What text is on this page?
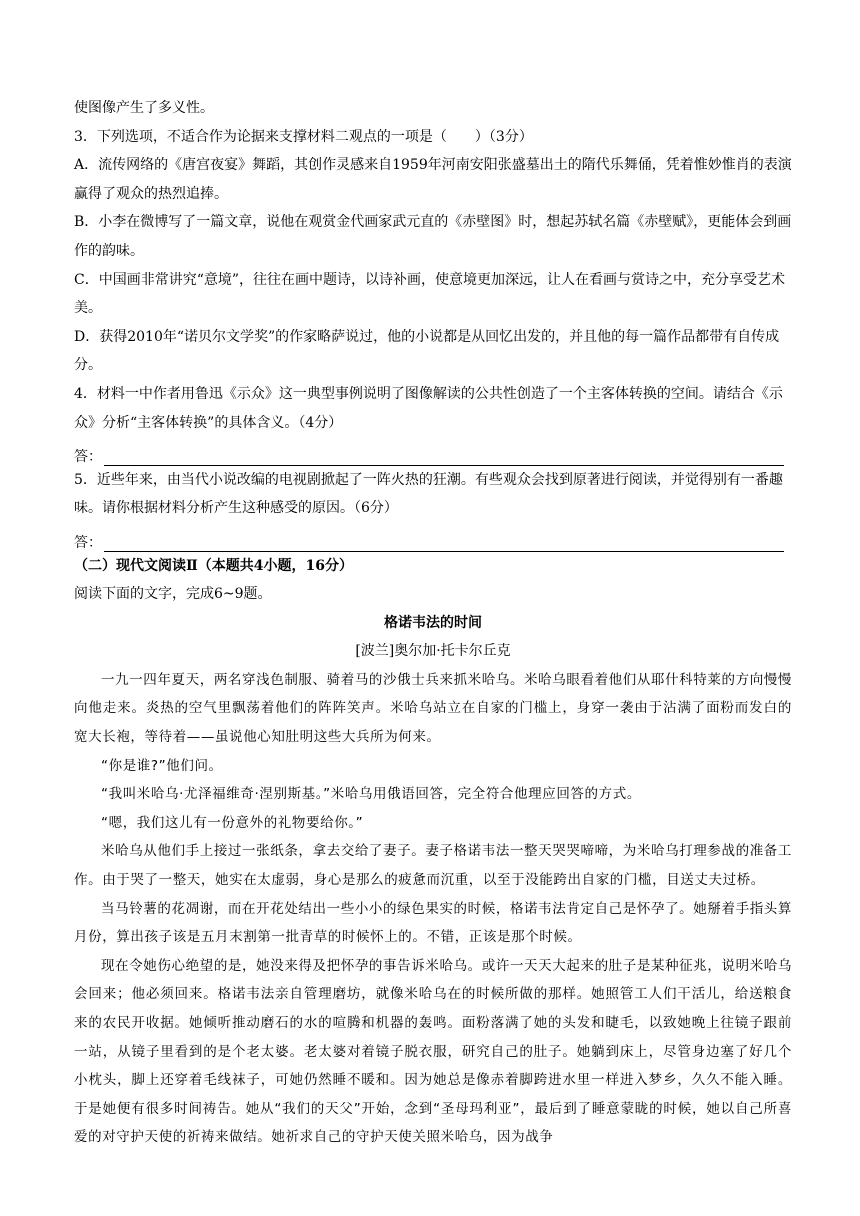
使图像产生了多义性。

3．下列选项，不适合作为论据来支撑材料二观点的一项是（　　）（3分）

A．流传网络的《唐宫夜宴》舞蹈，其创作灵感来自1959年河南安阳张盛墓出土的隋代乐舞俑，凭着惟妙惟肖的表演赢得了观众的热烈追捧。

B．小李在微博写了一篇文章，说他在观赏金代画家武元直的《赤壁图》时，想起苏轼名篇《赤壁赋》，更能体会到画作的韵味。

C．中国画非常讲究“意境”，往往在画中题诗，以诗补画，使意境更加深远，让人在看画与赏诗之中，充分享受艺术美。

D．获得2010年“诺贝尔文学奖”的作家略萨说过，他的小说都是从回忆出发的，并且他的每一篇作品都带有自传成分。

4．材料一中作者用鲁迅《示众》这一典型事例说明了图像解读的公共性创造了一个主客体转换的空间。请结合《示众》分析“主客体转换”的具体含义。（4分）

答：

5．近些年来，由当代小说改编的电视剧掀起了一阵火热的狂潮。有些观众会找到原著进行阅读，并觉得别有一番趣味。请你根据材料分析产生这种感受的原因。（6分）

答：

（二）现代文阅读Ⅱ（本题共4小题，16分）

阅读下面的文字，完成6~9题。

格诺韦法的时间

[波兰]奥尔加·托卡尔丘克

一九一四年夏天，两名穿浅色制服、骑着马的沙俄士兵来抓米哈乌。米哈乌眼看着他们从耶什科特莱的方向慢慢向他走来。炎热的空气里飘荡着他们的阵阵笑声。米哈乌站立在自家的门槛上，身穿一袭由于沾满了面粉而发白的宽大长袍，等待着——虽说他心知肚明这些大兵所为何来。

“你是谁?”他们问。

“我叫米哈乌·尤泽福维奇·涅别斯基。”米哈乌用俄语回答，完全符合他理应回答的方式。

“嗯，我们这儿有一份意外的礼物要给你。”

米哈乌从他们手上接过一张纸条，拿去交给了妻子。妻子格诺韦法一整天哭哭啼啼，为米哈乌打理参战的准备工作。由于哭了一整天，她实在太虚弱，身心是那么的疲惫而沉重，以至于没能跨出自家的门槛，目送丈夫过桥。

当马铃薯的花凋谢，而在开花处结出一些小小的绿色果实的时候，格诺韦法肯定自己是怀孕了。她掰着手指头算月份，算出孩子该是五月末割第一批青草的时候怀上的。不错，正该是那个时候。

现在令她伤心绝望的是，她没来得及把怀孕的事告诉米哈乌。或许一天天大起来的肚子是某种征兆，说明米哈乌会回来；他必须回来。格诺韦法亲自管理磨坊，就像米哈乌在的时候所做的那样。她照管工人们干活儿，给送粮食来的农民开收据。她倾听推动磨石的水的喧腾和机器的轰鸣。面粉落满了她的头发和睫毛，以致她晚上往镜子跟前一站，从镜子里看到的是个老太婆。老太婆对着镜子脱衣服，研究自己的肚子。她躺到床上，尽管身边塞了好几个小枕头，脚上还穿着毛线袜子，可她仍然睡不暖和。因为她总是像赤着脚跨进水里一样进入梦乡，久久不能入睡。于是她便有很多时间祷告。她从“我们的天父”开始，念到“圣母玛利亚”，最后到了睡意蒙眬的时候，她以自己所喜爱的对守护天使的祈祷来做结。她祈求自己的守护天使关照米哈乌，因为战争
